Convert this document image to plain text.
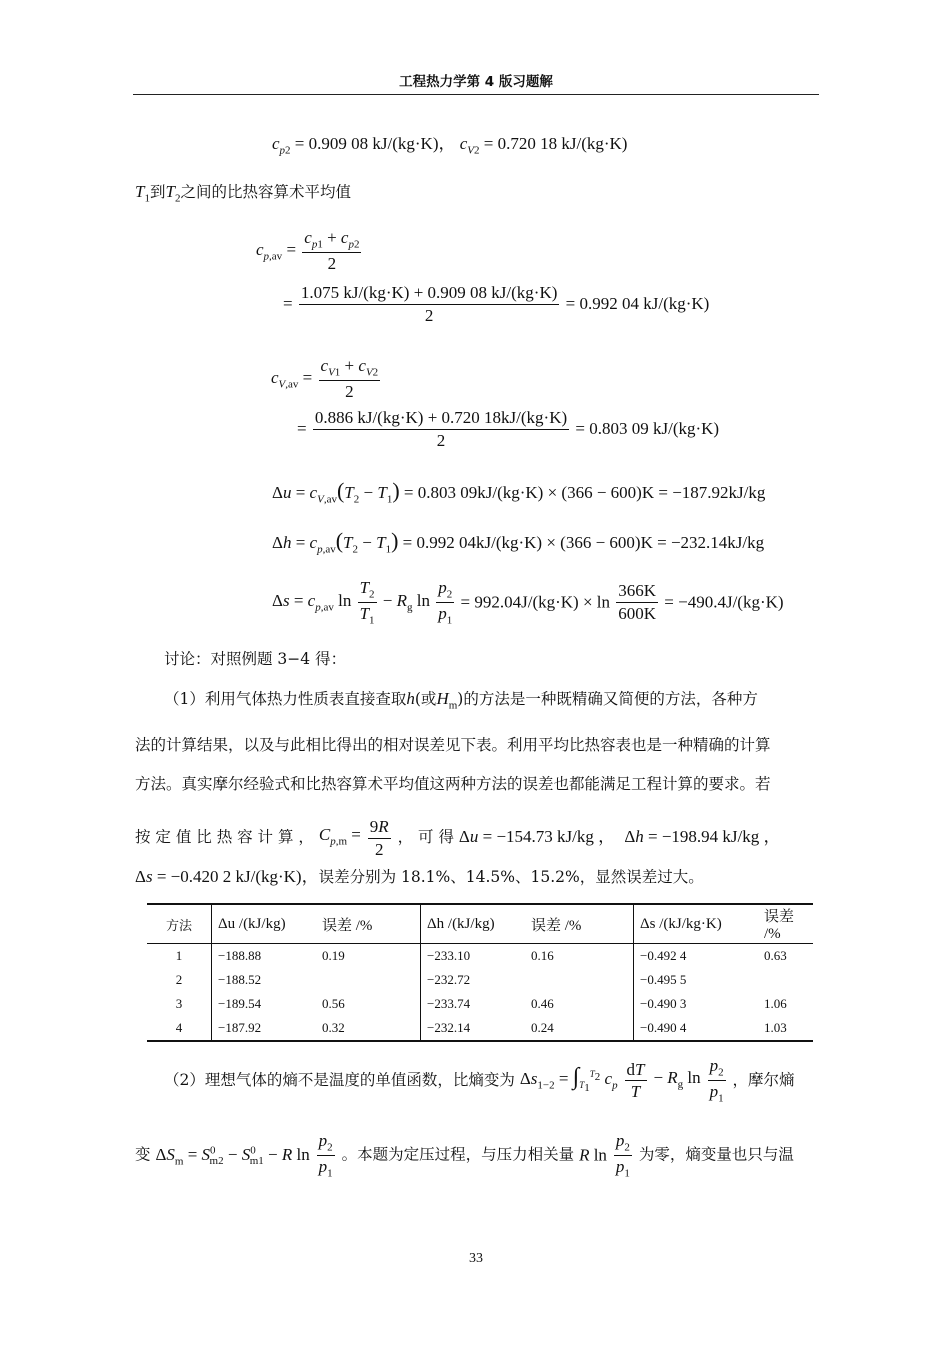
工程热力学第 4 版习题解
$c_{p2} = 0.909$ 08 kJ/(kg·K)， $c_{V2} = 0.720$ 18 kJ/(kg·K)
$T_1$到$T_2$之间的比热容算术平均值
$c_{p,av} = \frac{c_{p1} + c_{p2}}{2}$
= $\frac{1.075 kJ/(kg\cdot K) + 0.909 08 kJ/(kg\cdot K)}{2} = 0.992$ 04 kJ/(kg·K)
$c_{V,av} = \frac{c_{V1} + c_{V2}}{2}$
= $\frac{0.886 kJ/(kg\cdot K) + 0.720 18kJ/(kg\cdot K)}{2} = 0.803$ 09 kJ/(kg·K)
$\Delta u = c_{V,av}(T_2 - T_1) = 0.803$ 09kJ/(kg·K) × (366 − 600)K = −187.92kJ/kg
$\Delta h = c_{p,av}(T_2 - T_1) = 0.992$ 04kJ/(kg·K) × (366 − 600)K = −232.14kJ/kg
$\Delta s = c_{p,av}$ $\ln \frac{T_2}{T_1} - R_g$ $\ln \frac{p_2}{p_1} = 992.04J/(kg\cdot K) \times \ln \frac{366K}{600K} = -490.4J/(kg\cdot K)$
讨论：对照例题 3−4 得：
（1）利用气体热力性质表直接查取h(或$H_m$)的方法是一种既精确又简便的方法，各种方
法的计算结果，以及与此相比得出的相对误差见下表。利用平均比热容表也是一种精确的计算
方法。真实摩尔经验式和比热容算术平均值这两种方法的误差也都能满足工程计算的要求。若
按 定 值 比 热 容 计 算 ， $C_{p,m} = \frac{9R}{2}$ ， 可 得 Δu = −154.73 kJ/kg ，  Δh = −198.94 kJ/kg ，
Δs = −0.420 2 kJ/(kg·K)，误差分别为 18.1%、14.5%、15.2%，显然误差过大。
方法	Δu /(kJ/kg)	误差 /%	Δh /(kJ/kg)	误差 /%	Δs /(kJ/kg·K)	误差 /%
1	−188.88	0.19	−233.10	0.16	−0.492 4	0.63
2	−188.52		−232.72		−0.495 5	
3	−189.54	0.56	−233.74	0.46	−0.490 3	1.06
4	−187.92	0.32	−232.14	0.24	−0.490 4	1.03
（2）理想气体的熵不是温度的单值函数，比熵变为 $\Delta s_{1-2} = \int_{T_1}^{T_2}$ $c_p \frac{dT}{T} - R_g$ $\ln \frac{p_2}{p_1}$ ，摩尔熵
变 $\Delta S_m = S^0_{m2} - S^0_{m1} - R$ $\ln \frac{p_2}{p_1}$ 。本题为定压过程，与压力相关量 R $\ln \frac{p_2}{p_1}$ 为零，熵变量也只与温
33
